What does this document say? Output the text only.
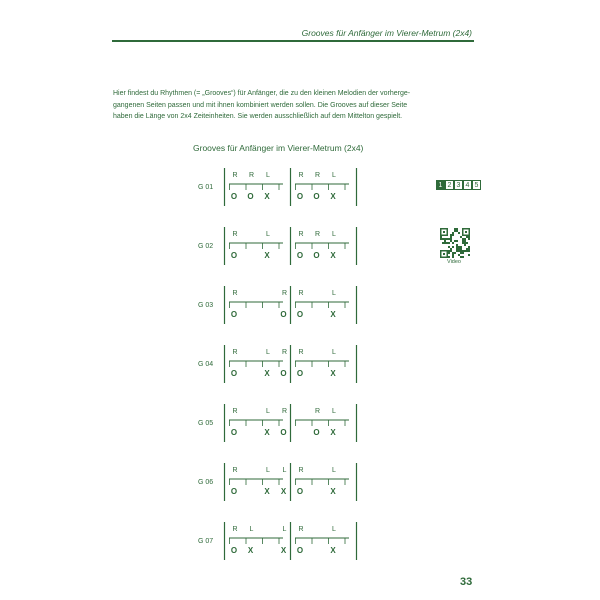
Grooves für Anfänger im Vierer-Metrum (2x4)
Hier findest du Rhythmen (= „Grooves“) für Anfänger, die zu den kleinen Melodien der vorherge-
gangenen Seiten passen und mit ihnen kombiniert werden sollen. Die Grooves auf dieser Seite
haben die Länge von 2x4 Zeiteinheiten. Sie werden ausschließlich auf dem Mittelton gespielt.
Grooves für Anfänger im Vierer-Metrum (2x4)
G 01
R
O
R
O
L
X
R
O
R
O
L
X
G 02
R
O
L
X
R
O
R
O
L
X
G 03
R
O
R
O
R
O
L
X
G 04
R
O
L
X
R
O
R
O
L
X
G 05
R
O
L
X
R
O
R
O
L
X
G 06
R
O
L
X
L
X
R
O
L
X
G 07
R
O
L
X
L
X
R
O
L
X
1 2 3 4 5
Video
33
